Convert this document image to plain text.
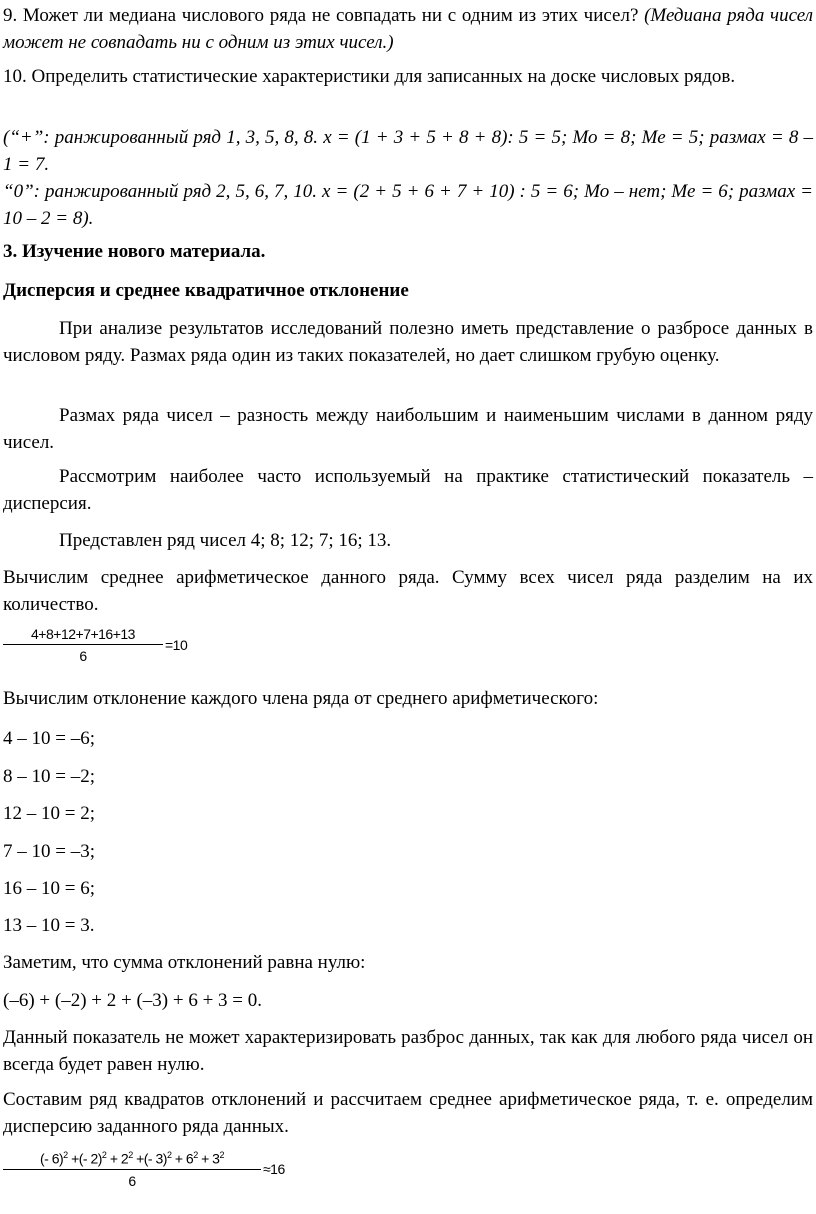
9. Может ли медиана числового ряда не совпадать ни с одним из этих чисел? (Медиана ряда чисел может не совпадать ни с одним из этих чисел.)

10. Определить статистические характеристики для записанных на доске числовых рядов.

(“+”: ранжированный ряд 1, 3, 5, 8, 8. x = (1 + 3 + 5 + 8 + 8): 5 = 5; Мо = 8; Ме = 5; размах = 8 – 1 = 7.

“0”: ранжированный ряд 2, 5, 6, 7, 10. x = (2 + 5 + 6 + 7 + 10) : 5 = 6; Мо – нет; Ме = 6; размах = 10 – 2 = 8).

3. Изучение нового материала.

Дисперсия и среднее квадратичное отклонение

При анализе результатов исследований полезно иметь представление о разбросе данных в числовом ряду. Размах ряда один из таких показателей, но дает слишком грубую оценку.

Размах ряда чисел – разность между наибольшим и наименьшим числами в данном ряду чисел.

Рассмотрим наиболее часто используемый на практике статистический показатель – дисперсия.

Представлен ряд чисел 4; 8; 12; 7; 16; 13.

Вычислим среднее арифметическое данного ряда. Сумму всех чисел ряда разделим на их количество.

$\frac{4+8+12+7+16+13}{6} =10$

Вычислим отклонение каждого члена ряда от среднего арифметического:

4 – 10 = –6;

8 – 10 = –2;

12 – 10 = 2;

7 – 10 = –3;

16 – 10 = 6;

13 – 10 = 3.

Заметим, что сумма отклонений равна нулю:

(–6) + (–2) + 2 + (–3) + 6 + 3 = 0.

Данный показатель не может характеризировать разброс данных, так как для любого ряда чисел он всегда будет равен нулю.

Составим ряд квадратов отклонений и рассчитаем среднее арифметическое ряда, т. е. определим дисперсию заданного ряда данных.

$\frac{(- 6)^2 +(- 2)^2 + 2^2 +(- 3)^2 + 6^2 + 3^2}{6} \approx 16$
